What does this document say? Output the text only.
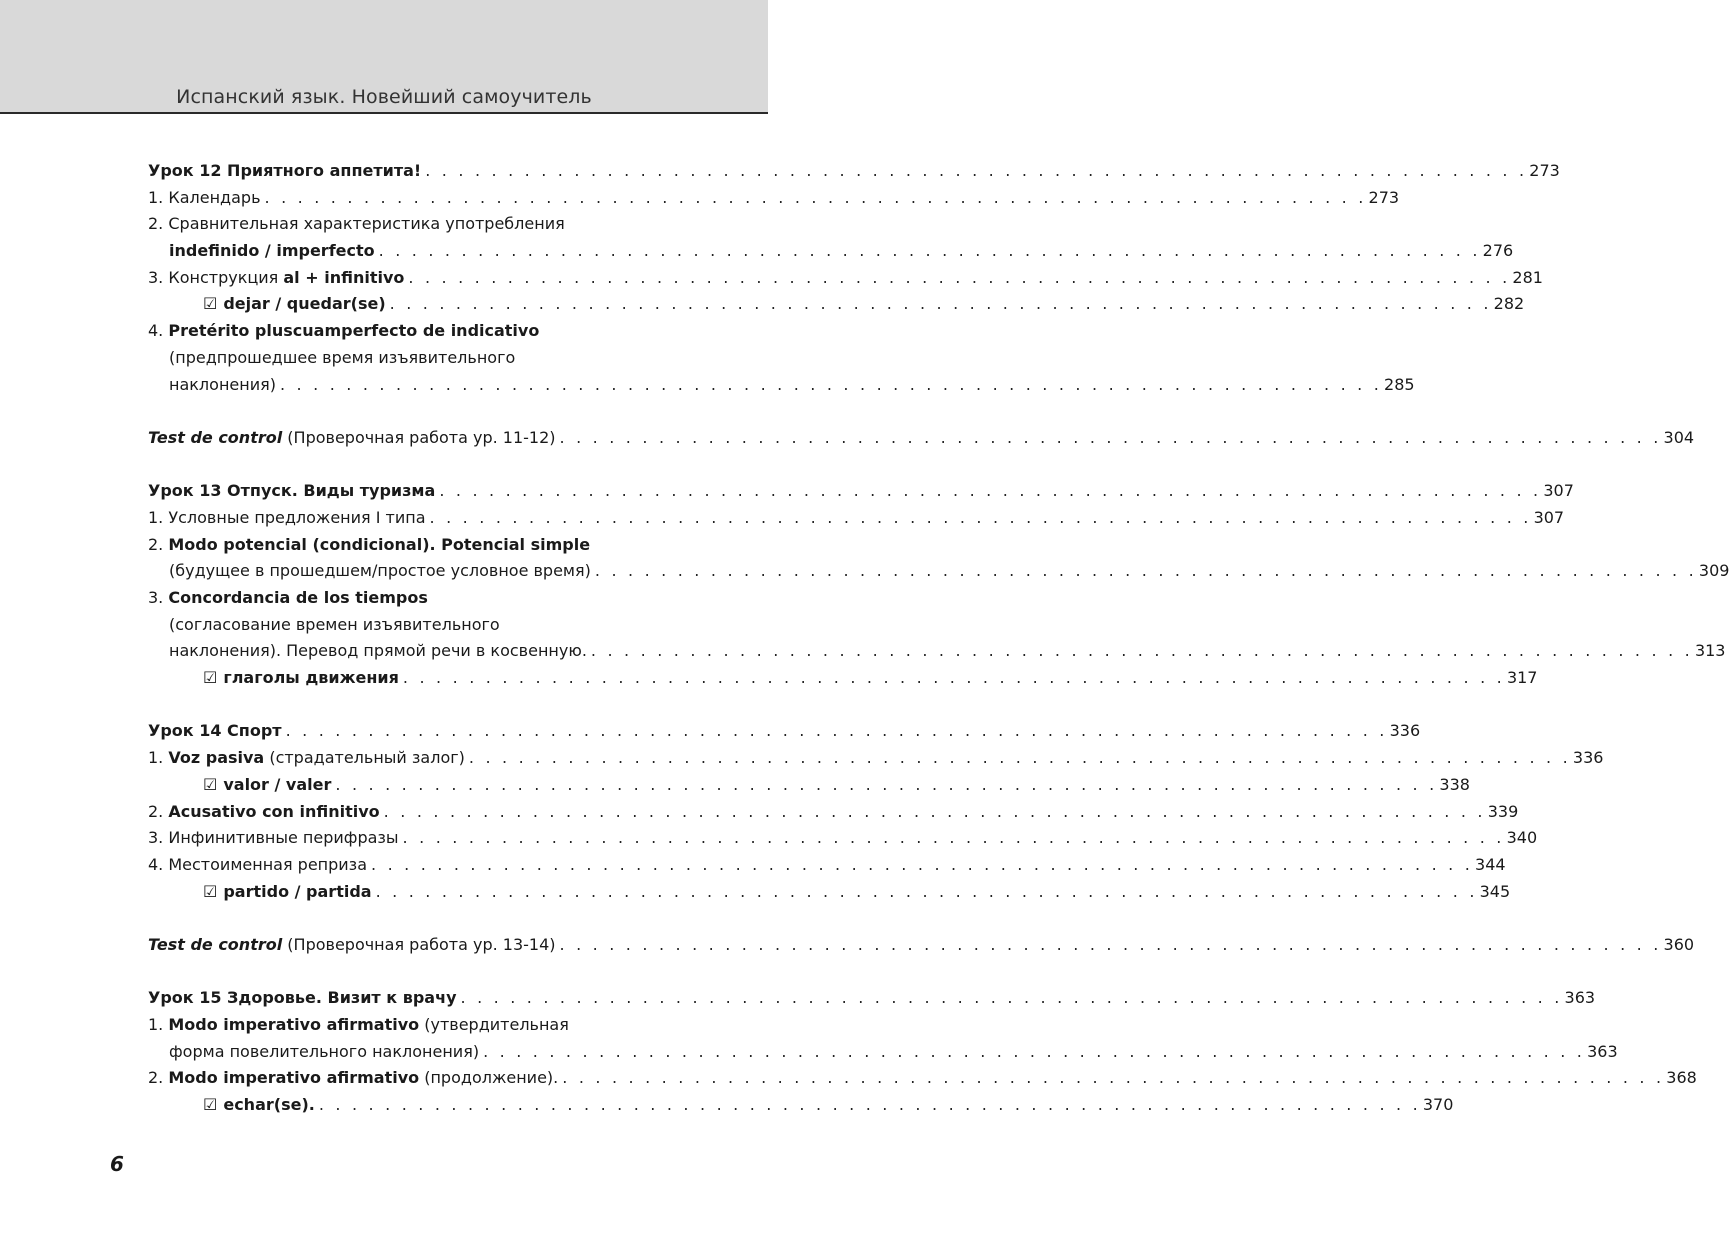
Испанский язык. Новейший самоучитель
Урок 12 Приятного аппетита! . . .	273
1.
Календарь . . .	273
2.
Сравнительная характеристика употребления
indefinido / imperfecto . . .	276
3.
Конструкция al + infinitivo . . .	281
☑ dejar / quedar(se) . . .	282
4.
Pretérito pluscuamperfecto de indicativo
(предпрошедшее время изъявительного
наклонения) . . .	285
Test de control (Проверочная работа ур. 11-12) . . .	304
Урок 13 Отпуск. Виды туризма . . .	307
1.
Условные предложения I типа . . .	307
2.
Modo potencial (condicional). Potencial simple
(будущее в прошедшем/простое условное время) . . .	309
3.
Concordancia de los tiempos
(согласование времен изъявительного
наклонения). Перевод прямой речи в косвенную. . . .	313
☑ глаголы движения . . .	317
Урок 14 Спорт . . .	336
1.
Voz pasiva (страдательный залог) . . .	336
☑ valor / valer . . .	338
2.
Acusativo con infinitivo . . .	339
3.
Инфинитивные перифразы . . .	340
4.
Местоименная реприза . . .	344
☑ partido / partida . . .	345
Test de control (Проверочная работа ур. 13-14) . . .	360
Урок 15 Здоровье. Визит к врачу . . .	363
1.
Modo imperativo afirmativo (утвердительная
форма повелительного наклонения) . . .	363
2.
Modo imperativo afirmativo (продолжение). . . .	368
☑ echar(se). . . .	370
6
